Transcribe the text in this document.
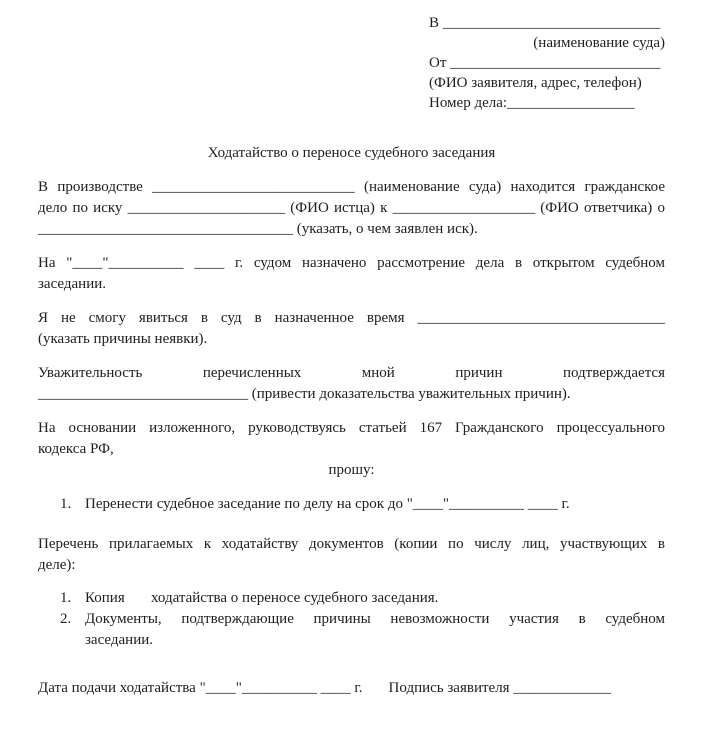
В _____________________________
(наименование суда)
От ____________________________
(ФИО заявителя, адрес, телефон)
Номер дела:_________________
Ходатайство о переносе судебного заседания
В производстве ___________________________ (наименование суда) находится гражданское
дело по иску _____________________ (ФИО истца) к ___________________ (ФИО ответчика) о
__________________________________ (указать, о чем заявлен иск).
На "____"__________ ____ г. судом назначено рассмотрение дела в открытом судебном
заседании.
Я не смогу явиться в суд в назначенное время _________________________________
(указать причины неявки).
Уважительность перечисленных мной причин подтверждается
____________________________ (привести доказательства уважительных причин).
На основании изложенного, руководствуясь статьей 167 Гражданского процессуального
кодекса РФ,
прошу:
1. Перенести судебное заседание по делу на срок до "____"__________ ____ г.
Перечень прилагаемых к ходатайству документов (копии по числу лиц, участвующих в
деле):
1. Копия       ходатайства о переносе судебного заседания.
2. Документы, подтверждающие причины невозможности участия в судебном
заседании.
Дата подачи ходатайства "____"__________ ____ г. Подпись заявителя _____________
